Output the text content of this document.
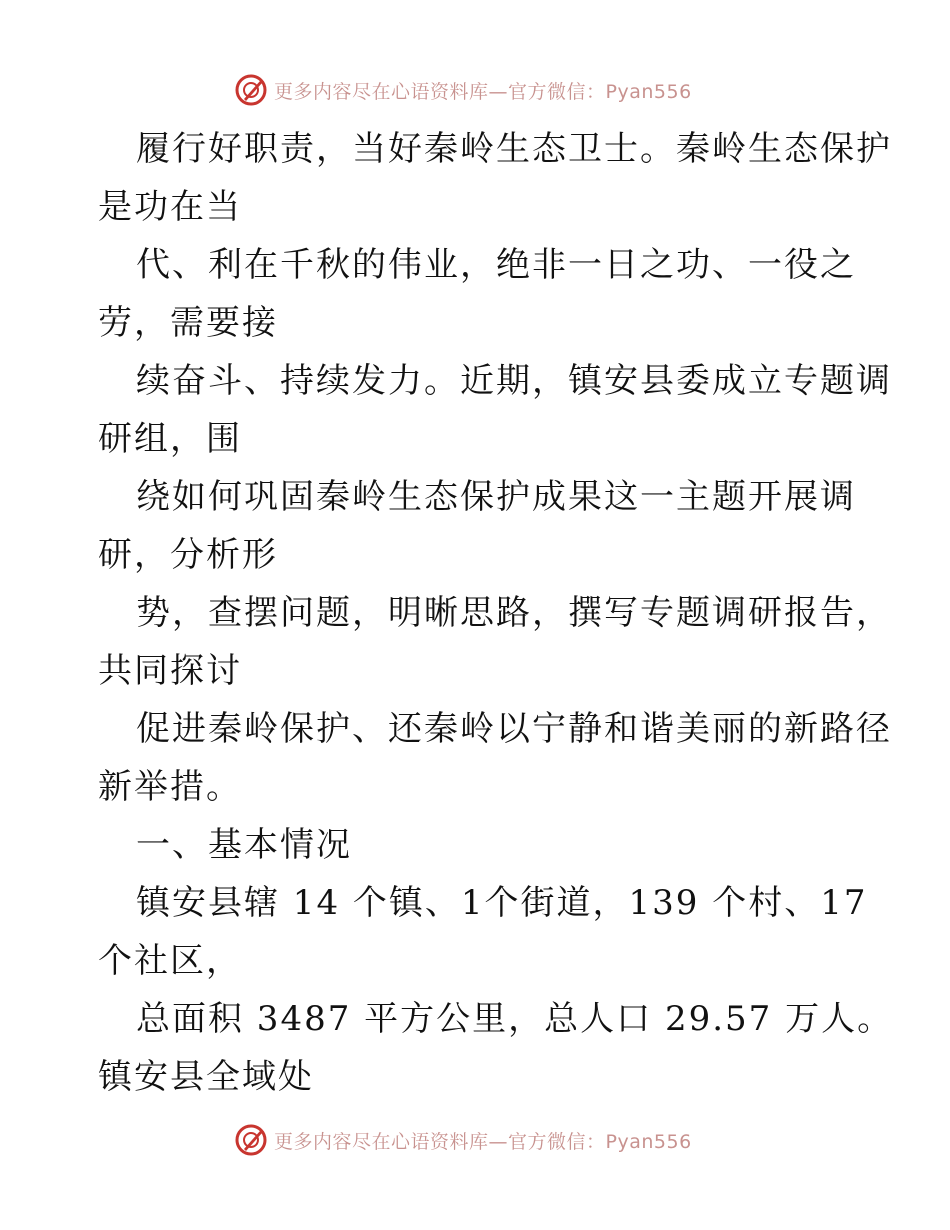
更多内容尽在心语资料库—官方微信：Pyan556
履行好职责，当好秦岭生态卫士。秦岭生态保护
是功在当
代、利在千秋的伟业，绝非一日之功、一役之
劳，需要接
续奋斗、持续发力。近期，镇安县委成立专题调
研组，围
绕如何巩固秦岭生态保护成果这一主题开展调
研，分析形
势，查摆问题，明晰思路，撰写专题调研报告，
共同探讨
促进秦岭保护、还秦岭以宁静和谐美丽的新路径
新举措。
一、基本情况
镇安县辖 14 个镇、1个街道，139 个村、17
个社区，
总面积 3487 平方公里，总人口 29.57 万人。
镇安县全域处
更多内容尽在心语资料库—官方微信：Pyan556
